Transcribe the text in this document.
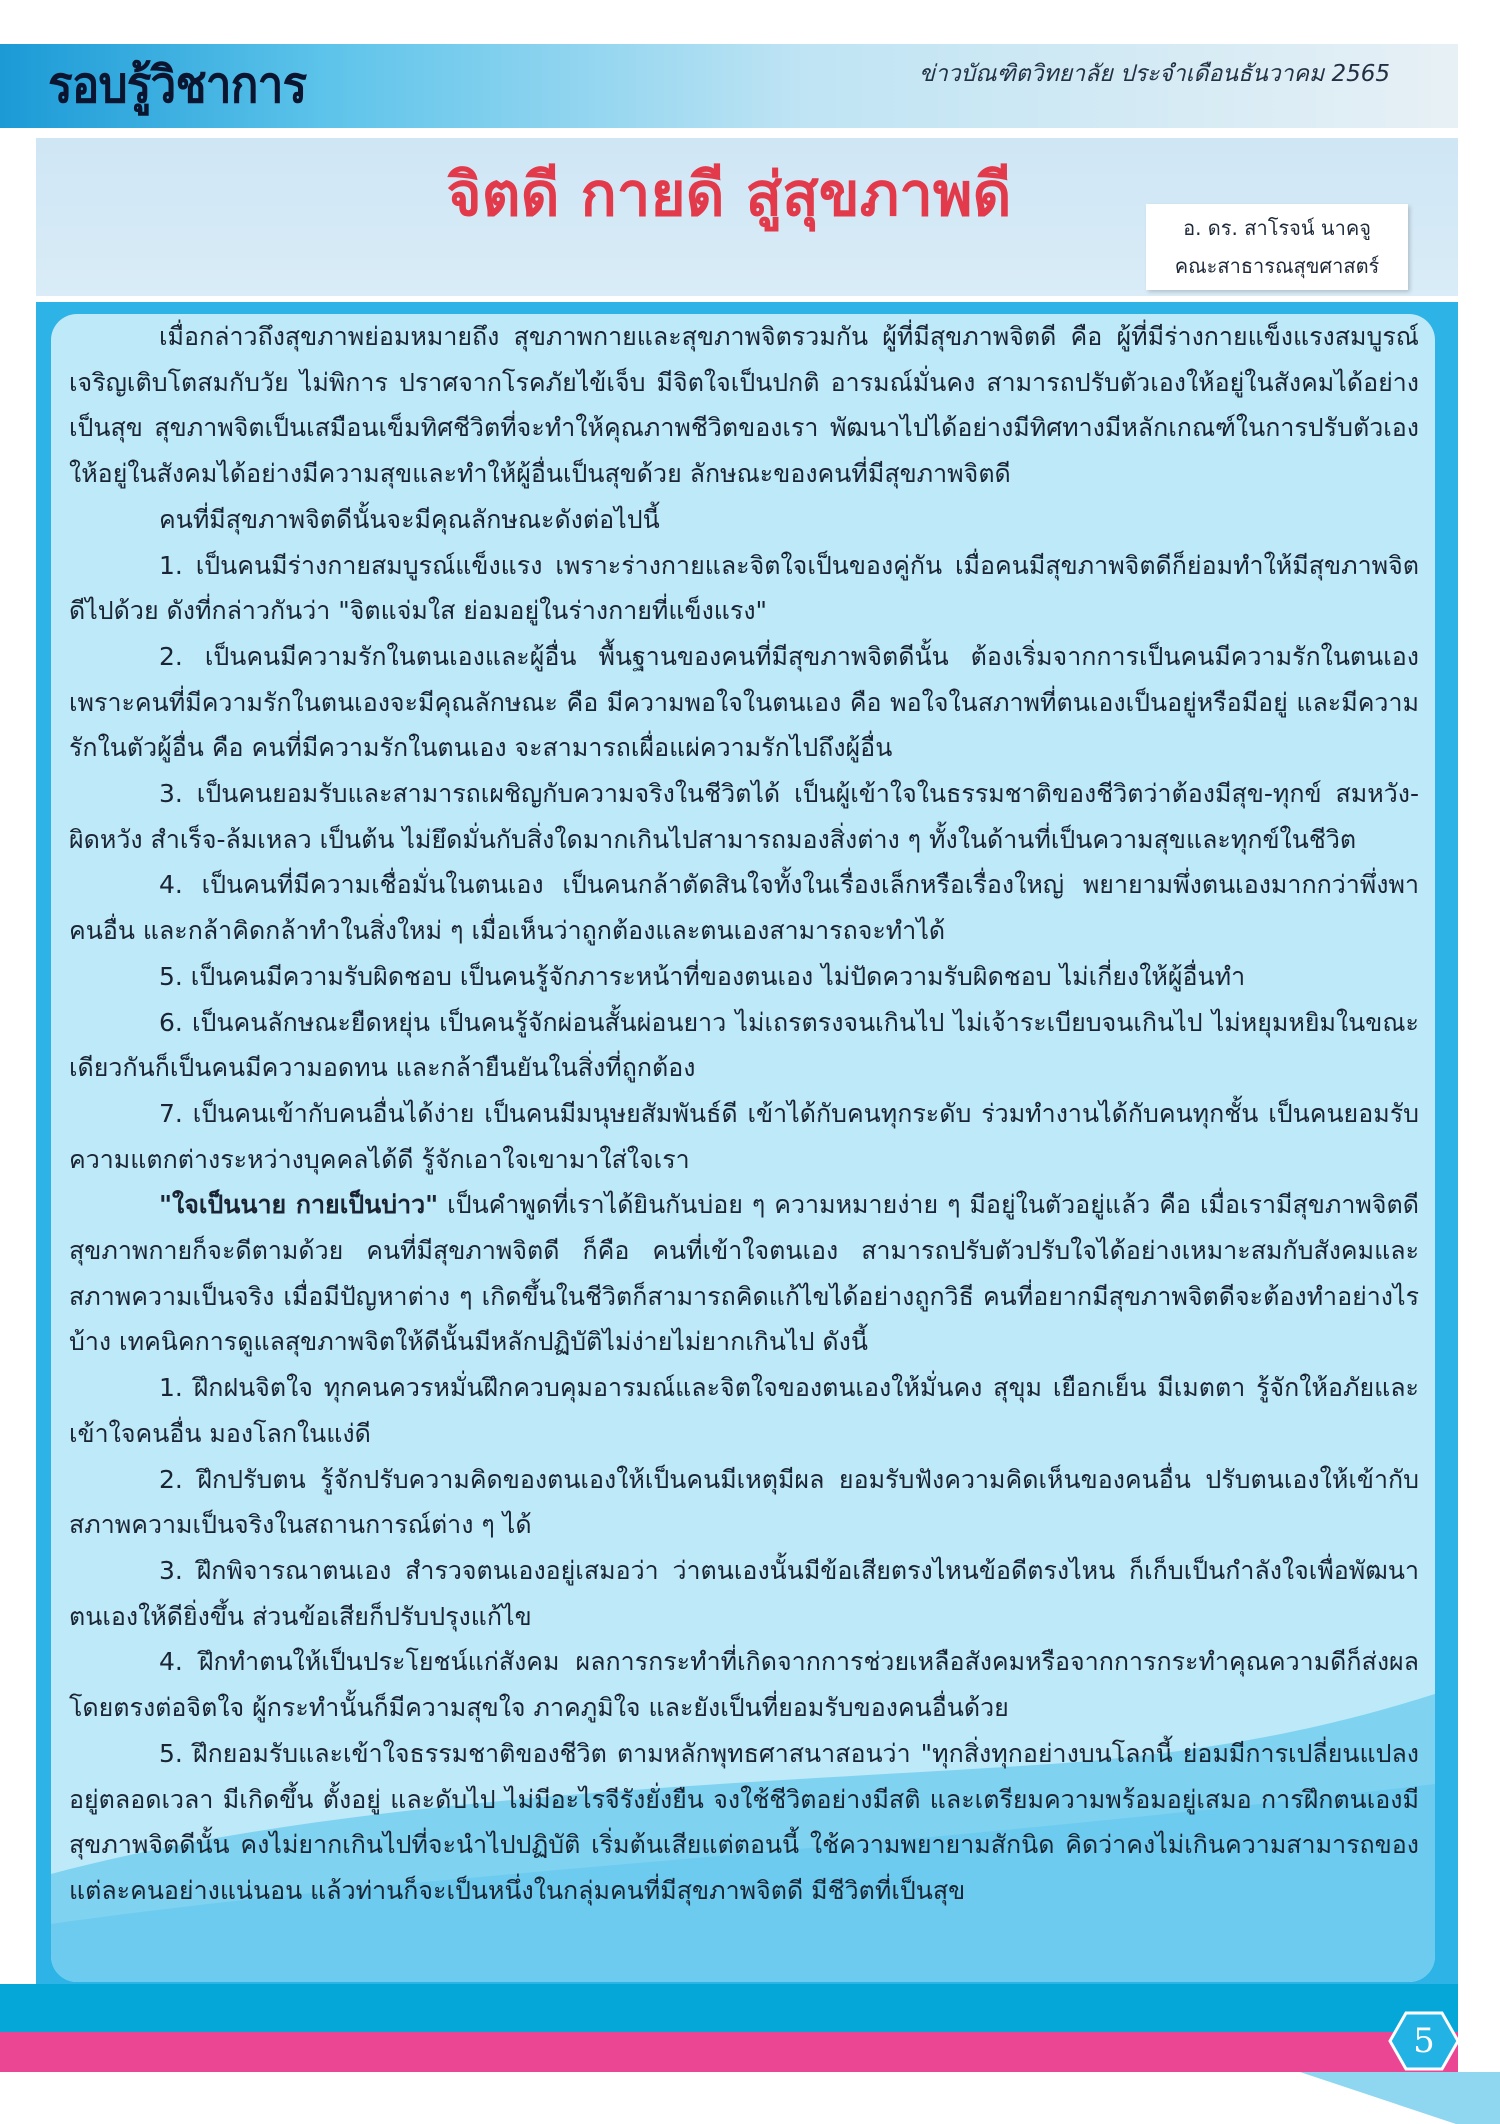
รอบรู้วิชาการ	ข่าวบัณฑิตวิทยาลัย ประจำเดือนธันวาคม 2565
จิตดี กายดี สู่สุขภาพดี	อ. ดร. สาโรจน์ นาคจู
คณะสาธารณสุขศาสตร์

เมื่อกล่าวถึงสุขภาพย่อมหมายถึง สุขภาพกายและสุขภาพจิตรวมกัน ผู้ที่มีสุขภาพจิตดี คือ ผู้ที่มีร่างกายแข็งแรงสมบูรณ์ เจริญเติบโตสมกับวัย ไม่พิการ ปราศจากโรคภัยไข้เจ็บ มีจิตใจเป็นปกติ อารมณ์มั่นคง สามารถปรับตัวเองให้อยู่ในสังคมได้อย่างเป็นสุข สุขภาพจิตเป็นเสมือนเข็มทิศชีวิตที่จะทำให้คุณภาพชีวิตของเรา พัฒนาไปได้อย่างมีทิศทางมีหลักเกณฑ์ในการปรับตัวเองให้อยู่ในสังคมได้อย่างมีความสุขและทำให้ผู้อื่นเป็นสุขด้วย ลักษณะของคนที่มีสุขภาพจิตดี

คนที่มีสุขภาพจิตดีนั้นจะมีคุณลักษณะดังต่อไปนี้

1. เป็นคนมีร่างกายสมบูรณ์แข็งแรง เพราะร่างกายและจิตใจเป็นของคู่กัน เมื่อคนมีสุขภาพจิตดีก็ย่อมทำให้มีสุขภาพจิตดีไปด้วย ดังที่กล่าวกันว่า "จิตแจ่มใส ย่อมอยู่ในร่างกายที่แข็งแรง"

2. เป็นคนมีความรักในตนเองและผู้อื่น พื้นฐานของคนที่มีสุขภาพจิตดีนั้น ต้องเริ่มจากการเป็นคนมีความรักในตนเอง เพราะคนที่มีความรักในตนเองจะมีคุณลักษณะ คือ มีความพอใจในตนเอง คือ พอใจในสภาพที่ตนเองเป็นอยู่หรือมีอยู่ และมีความรักในตัวผู้อื่น คือ คนที่มีความรักในตนเอง จะสามารถเผื่อแผ่ความรักไปถึงผู้อื่น

3. เป็นคนยอมรับและสามารถเผชิญกับความจริงในชีวิตได้ เป็นผู้เข้าใจในธรรมชาติของชีวิตว่าต้องมีสุข-ทุกข์ สมหวัง-ผิดหวัง สำเร็จ-ล้มเหลว เป็นต้น ไม่ยึดมั่นกับสิ่งใดมากเกินไปสามารถมองสิ่งต่าง ๆ ทั้งในด้านที่เป็นความสุขและทุกข์ในชีวิต

4. เป็นคนที่มีความเชื่อมั่นในตนเอง เป็นคนกล้าตัดสินใจทั้งในเรื่องเล็กหรือเรื่องใหญ่ พยายามพึ่งตนเองมากกว่าพึ่งพาคนอื่น และกล้าคิดกล้าทำในสิ่งใหม่ ๆ เมื่อเห็นว่าถูกต้องและตนเองสามารถจะทำได้

5. เป็นคนมีความรับผิดชอบ เป็นคนรู้จักภาระหน้าที่ของตนเอง ไม่ปัดความรับผิดชอบ ไม่เกี่ยงให้ผู้อื่นทำ

6. เป็นคนลักษณะยืดหยุ่น เป็นคนรู้จักผ่อนสั้นผ่อนยาว ไม่เถรตรงจนเกินไป ไม่เจ้าระเบียบจนเกินไป ไม่หยุมหยิมในขณะเดียวกันก็เป็นคนมีความอดทน และกล้ายืนยันในสิ่งที่ถูกต้อง

7. เป็นคนเข้ากับคนอื่นได้ง่าย เป็นคนมีมนุษยสัมพันธ์ดี เข้าได้กับคนทุกระดับ ร่วมทำงานได้กับคนทุกชั้น เป็นคนยอมรับความแตกต่างระหว่างบุคคลได้ดี รู้จักเอาใจเขามาใส่ใจเรา

"ใจเป็นนาย กายเป็นบ่าว" เป็นคำพูดที่เราได้ยินกันบ่อย ๆ ความหมายง่าย ๆ มีอยู่ในตัวอยู่แล้ว คือ เมื่อเรามีสุขภาพจิตดี สุขภาพกายก็จะดีตามด้วย คนที่มีสุขภาพจิตดี ก็คือ คนที่เข้าใจตนเอง สามารถปรับตัวปรับใจได้อย่างเหมาะสมกับสังคมและสภาพความเป็นจริง เมื่อมีปัญหาต่าง ๆ เกิดขึ้นในชีวิตก็สามารถคิดแก้ไขได้อย่างถูกวิธี คนที่อยากมีสุขภาพจิตดีจะต้องทำอย่างไรบ้าง เทคนิคการดูแลสุขภาพจิตให้ดีนั้นมีหลักปฏิบัติไม่ง่ายไม่ยากเกินไป ดังนี้

1. ฝึกฝนจิตใจ ทุกคนควรหมั่นฝึกควบคุมอารมณ์และจิตใจของตนเองให้มั่นคง สุขุม เยือกเย็น มีเมตตา รู้จักให้อภัยและเข้าใจคนอื่น มองโลกในแง่ดี

2. ฝึกปรับตน รู้จักปรับความคิดของตนเองให้เป็นคนมีเหตุมีผล ยอมรับฟังความคิดเห็นของคนอื่น ปรับตนเองให้เข้ากับสภาพความเป็นจริงในสถานการณ์ต่าง ๆ ได้

3. ฝึกพิจารณาตนเอง สำรวจตนเองอยู่เสมอว่า ว่าตนเองนั้นมีข้อเสียตรงไหนข้อดีตรงไหน ก็เก็บเป็นกำลังใจเพื่อพัฒนาตนเองให้ดียิ่งขึ้น ส่วนข้อเสียก็ปรับปรุงแก้ไข

4. ฝึกทำตนให้เป็นประโยชน์แก่สังคม ผลการกระทำที่เกิดจากการช่วยเหลือสังคมหรือจากการกระทำคุณความดีก็ส่งผลโดยตรงต่อจิตใจ ผู้กระทำนั้นก็มีความสุขใจ ภาคภูมิใจ และยังเป็นที่ยอมรับของคนอื่นด้วย

5. ฝึกยอมรับและเข้าใจธรรมชาติของชีวิต ตามหลักพุทธศาสนาสอนว่า "ทุกสิ่งทุกอย่างบนโลกนี้ ย่อมมีการเปลี่ยนแปลงอยู่ตลอดเวลา มีเกิดขึ้น ตั้งอยู่ และดับไป ไม่มีอะไรจีรังยั่งยืน จงใช้ชีวิตอย่างมีสติ และเตรียมความพร้อมอยู่เสมอ การฝึกตนเองมีสุขภาพจิตดีนั้น คงไม่ยากเกินไปที่จะนำไปปฏิบัติ เริ่มต้นเสียแต่ตอนนี้ ใช้ความพยายามสักนิด คิดว่าคงไม่เกินความสามารถของแต่ละคนอย่างแน่นอน แล้วท่านก็จะเป็นหนึ่งในกลุ่มคนที่มีสุขภาพจิตดี มีชีวิตที่เป็นสุข

5
